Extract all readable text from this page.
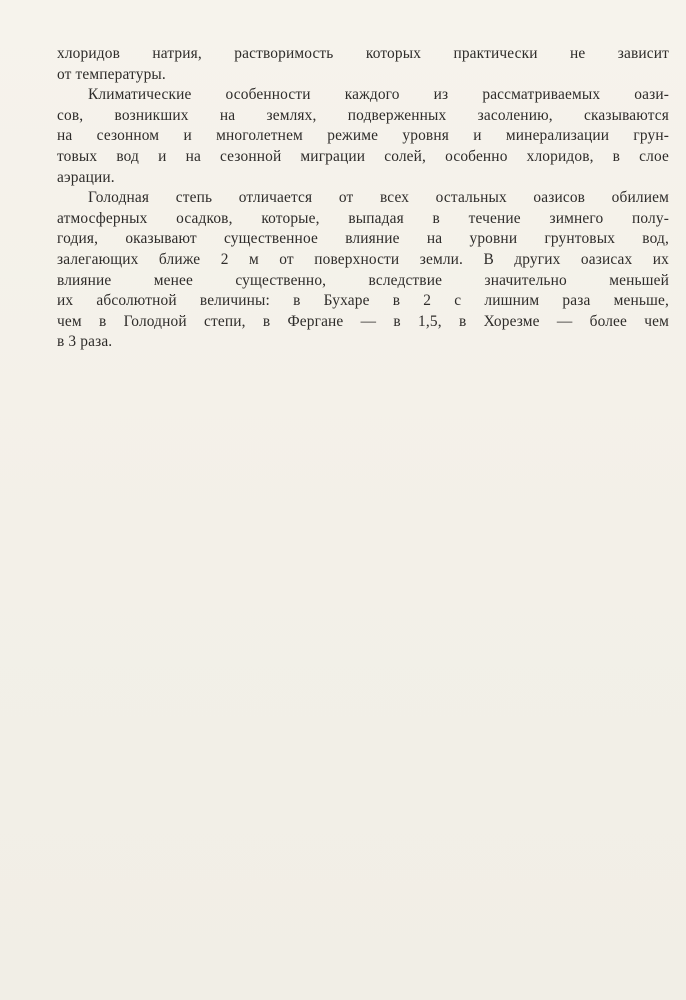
хлоридов натрия, растворимость которых практически не зависит
от температуры.
Климатические особенности каждого из рассматриваемых оази-
сов, возникших на землях, подверженных засолению, сказываются
на сезонном и многолетнем режиме уровня и минерализации грун-
товых вод и на сезонной миграции солей, особенно хлоридов, в слое
аэрации.
Голодная степь отличается от всех остальных оазисов обилием
атмосферных осадков, которые, выпадая в течение зимнего полу-
годия, оказывают существенное влияние на уровни грунтовых вод,
залегающих ближе 2 м от поверхности земли. В других оазисах их
влияние менее существенно, вследствие значительно меньшей
их абсолютной величины: в Бухаре в 2 с лишним раза меньше,
чем в Голодной степи, в Фергане — в 1,5, в Хорезме — более чем
в 3 раза.
